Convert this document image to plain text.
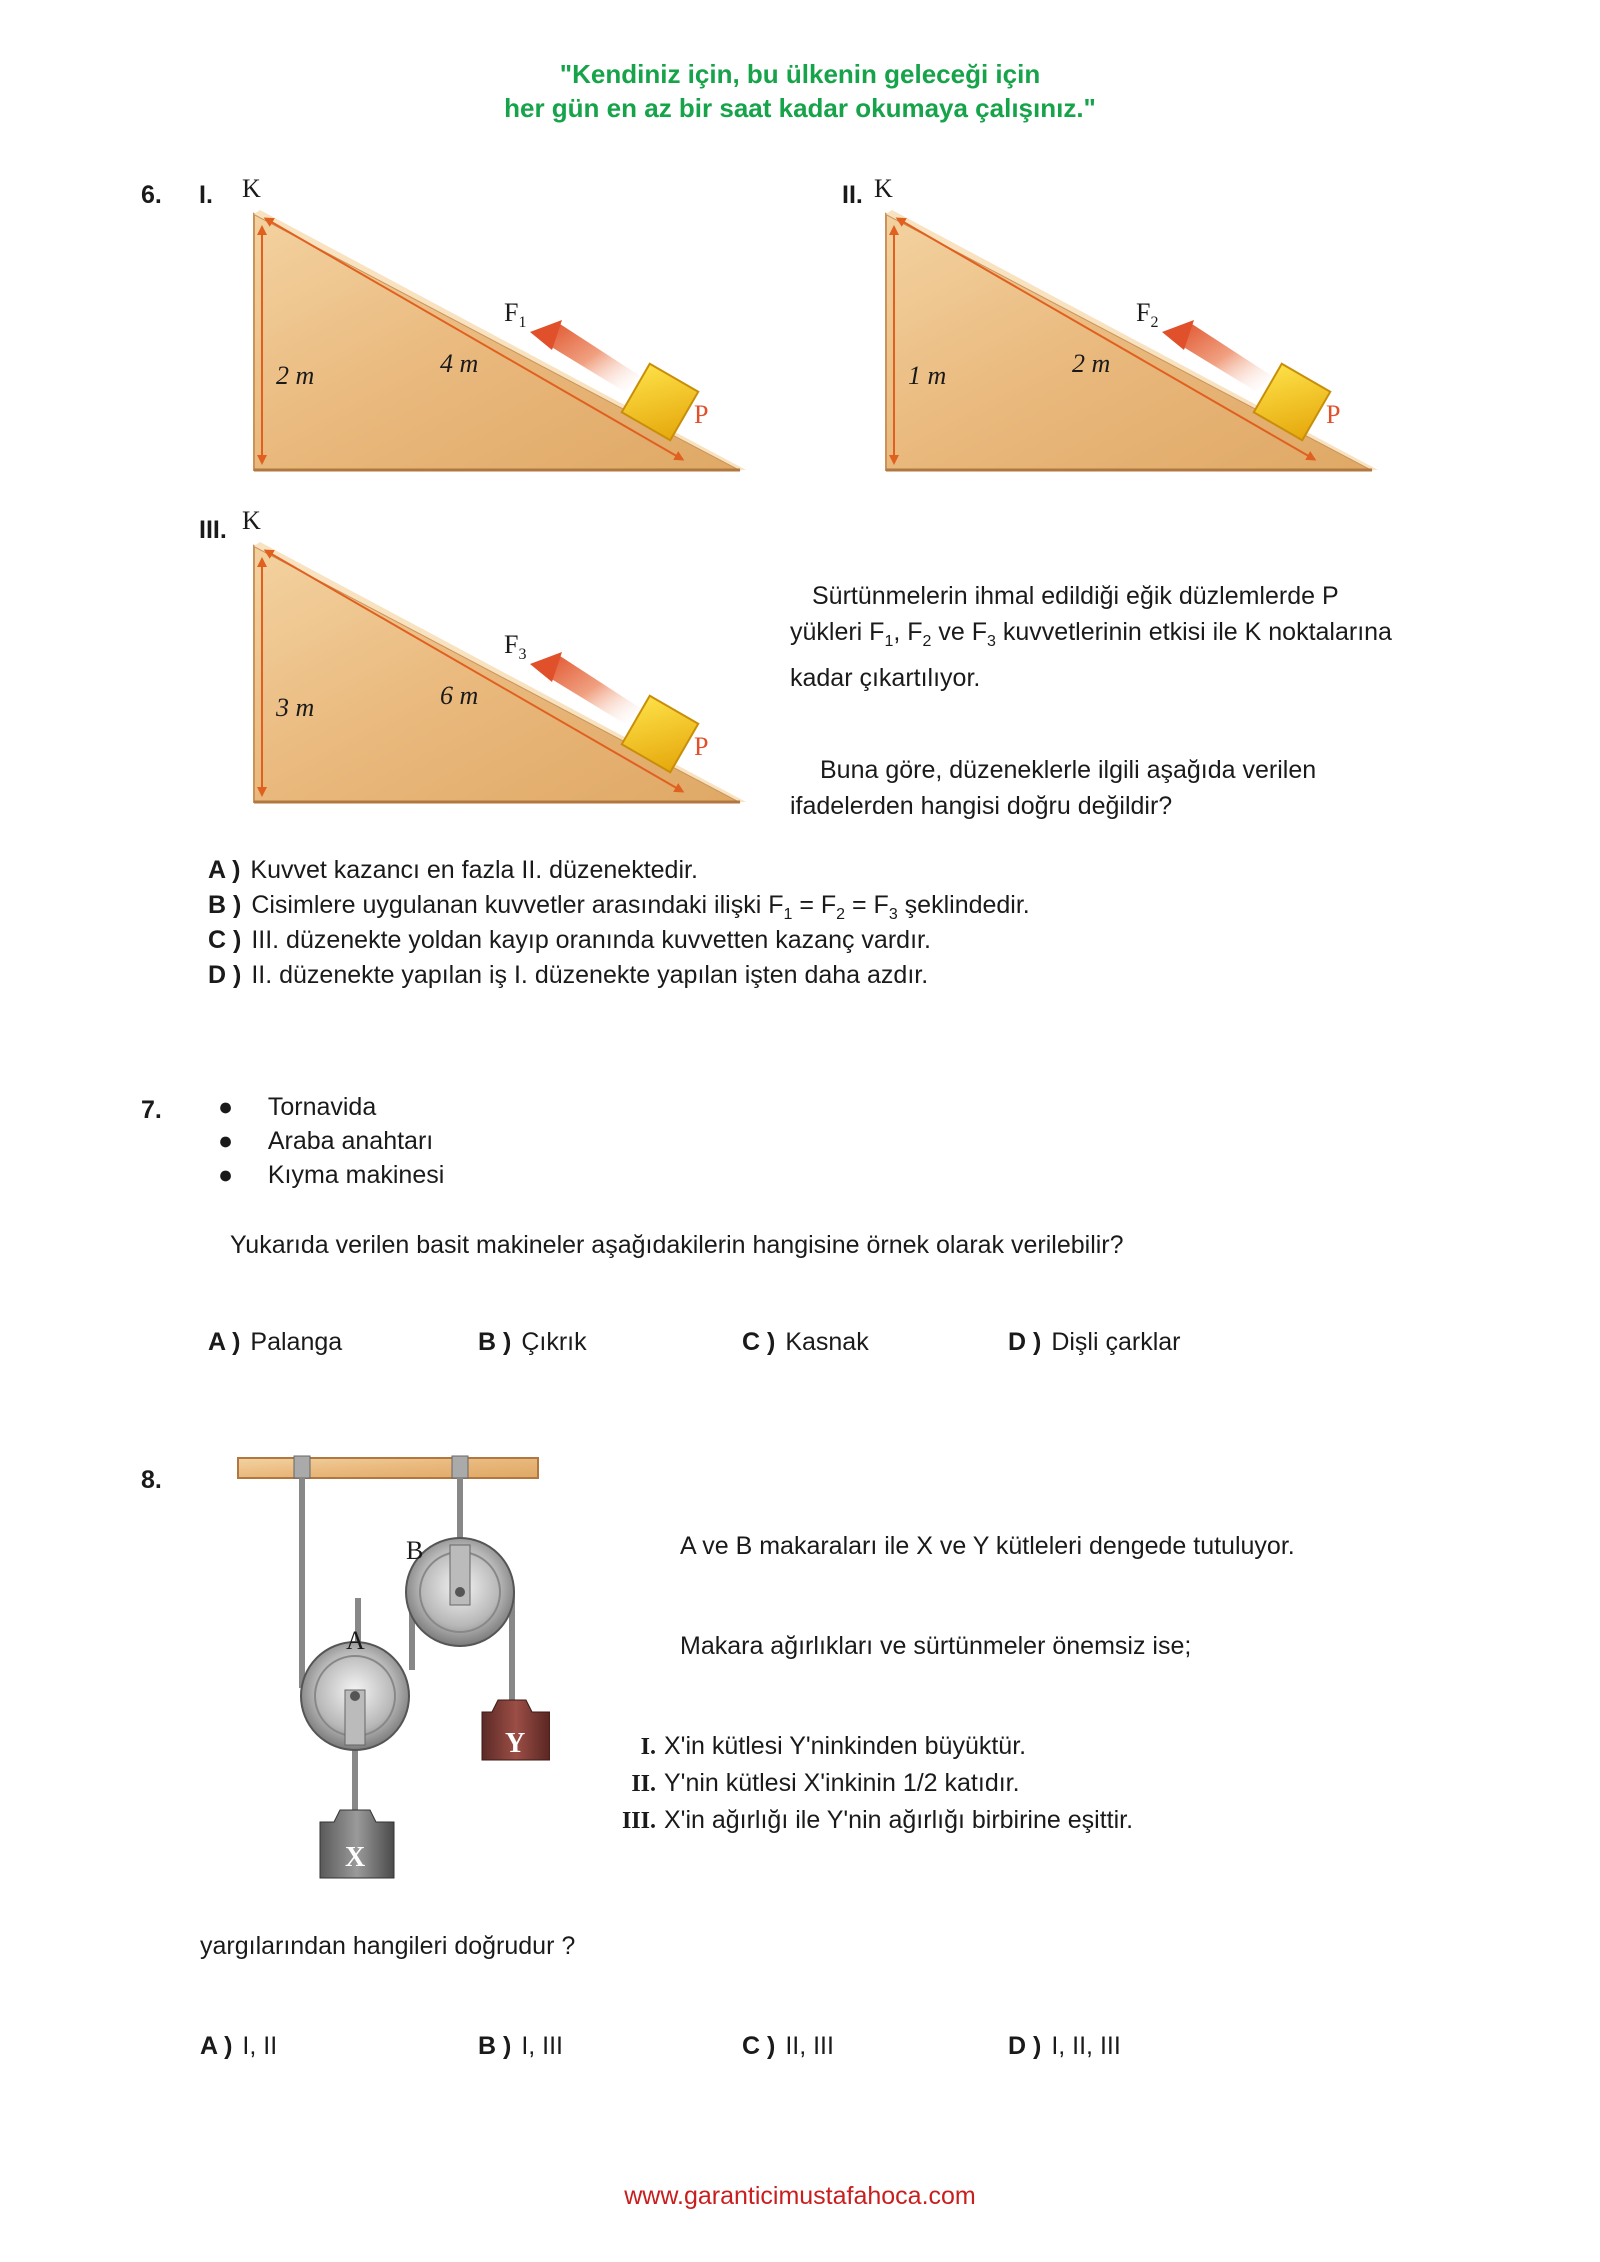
"Kendiniz için, bu ülkenin geleceği için
her gün en az bir saat kadar okumaya çalışınız."
6. I. K
2 m	4 m
$F_1$
P
II. K
1 m	2 m
$F_2$
P
III. K
3 m	6 m
$F_3$
P
Sürtünmelerin ihmal edildiği eğik düzlemlerde P
yükleri $F_1$, $F_2$ ve $F_3$ kuvvetlerinin etkisi ile K noktalarına
kadar çıkartılıyor.
Buna göre, düzeneklerle ilgili aşağıda verilen
ifadelerden hangisi doğru değildir?
A ) Kuvvet kazancı en fazla II. düzenektedir.
B ) Cisimlere uygulanan kuvvetler arasındaki ilişki $F_1 = F_2 = F_3$ şeklindedir.
C ) III. düzenekte yoldan kayıp oranında kuvvetten kazanç vardır.
D ) II. düzenekte yapılan iş I. düzenekte yapılan işten daha azdır.
7. ●     Tornavida
●     Araba anahtarı
●     Kıyma makinesi
Yukarıda verilen basit makineler aşağıdakilerin hangisine örnek olarak verilebilir?
A ) Palanga	B ) Çıkrık	C ) Kasnak	D ) Dişli çarklar
8.
B
A
Y
X
A ve B makaraları ile X ve Y kütleleri dengede tutuluyor.
Makara ağırlıkları ve sürtünmeler önemsiz ise;
I. X'in kütlesi Y'ninkinden büyüktür.
II. Y'nin kütlesi X'inkinin 1/2 katıdır.
III. X'in ağırlığı ile Y'nin ağırlığı birbirine eşittir.
yargılarından hangileri doğrudur ?
A ) I, II	B ) I, III	C ) II, III	D ) I, II, III
www.garanticimustafahoca.com
